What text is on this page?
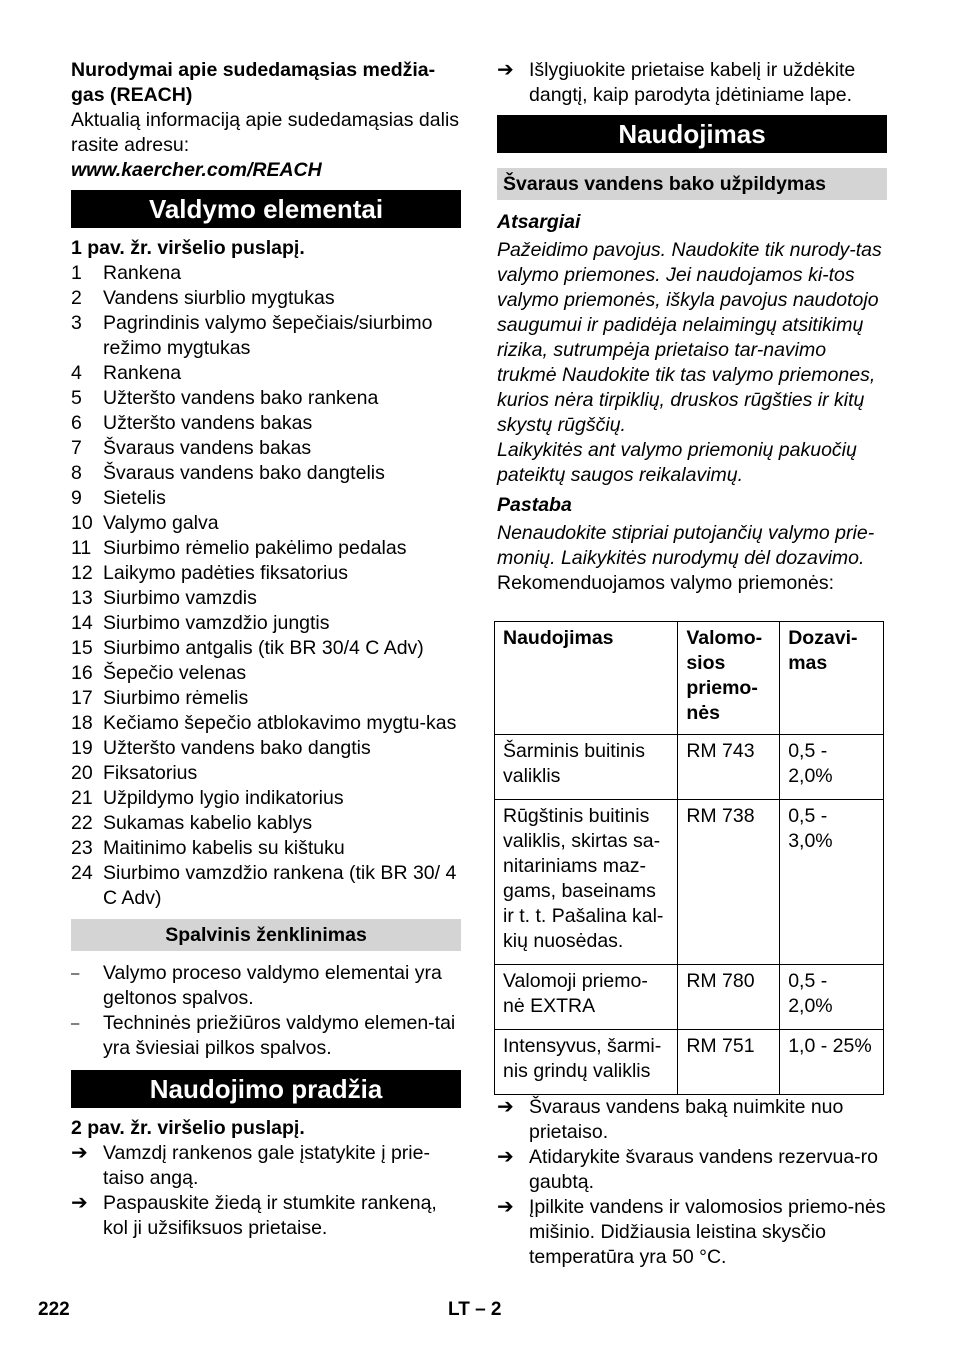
Nurodymai apie sudedamąsias medžia-gas (REACH)

Aktualią informaciją apie sudedamąsias dalis rasite adresu:

www.kaercher.com/REACH

Valdymo elementai

1 pav. žr. viršelio puslapį.

1	Rankena
2	Vandens siurblio mygtukas
3	Pagrindinis valymo šepečiais/siurbimo režimo mygtukas
4	Rankena
5	Užteršto vandens bako rankena
6	Užteršto vandens bakas
7	Švaraus vandens bakas
8	Švaraus vandens bako dangtelis
9	Sietelis
10 Valymo galva
11 Siurbimo rėmelio pakėlimo pedalas
12 Laikymo padėties fiksatorius
13 Siurbimo vamzdis
14 Siurbimo vamzdžio jungtis
15 Siurbimo antgalis (tik BR 30/4 C Adv)
16 Šepečio velenas
17 Siurbimo rėmelis
18 Kečiamo šepečio atblokavimo mygtu-kas
19 Užteršto vandens bako dangtis
20 Fiksatorius
21 Užpildymo lygio indikatorius
22 Sukamas kabelio kablys
23 Maitinimo kabelis su kištuku
24 Siurbimo vamzdžio rankena (tik BR 30/ 4 C Adv)
Spalvinis ženklinimas
–	Valymo proceso valdymo elementai yra geltonos spalvos.
–	Techninės priežiūros valdymo elemen-tai yra šviesiai pilkos spalvos.
Naudojimo pradžia

2 pav. žr. viršelio puslapį.

➔ Vamzdį rankenos gale įstatykite į prie-taiso angą.
➔ Paspauskite žiedą ir stumkite rankeną, kol ji užsifiksuos prietaise.
➔ Išlygiuokite prietaise kabelį ir uždėkite dangtį, kaip parodyta įdėtiniame lape.
Naudojimas
Švaraus vandens bako užpildymas

Atsargiai

Pažeidimo pavojus. Naudokite tik nurody-tas valymo priemones. Jei naudojamos ki-tos valymo priemonės, iškyla pavojus naudotojo saugumui ir padidėja nelaimingų atsitikimų rizika, sutrumpėja prietaiso tar-navimo trukmė Naudokite tik tas valymo priemones, kurios nėra tirpiklių, druskos rūgšties ir kitų skystų rūgščių.

Laikykitės ant valymo priemonių pakuočių pateiktų saugos reikalavimų.

Pastaba

Nenaudokite stipriai putojančių valymo prie-monių. Laikykitės nurodymų dėl dozavimo.

Rekomenduojamos valymo priemonės:

Naudojimas	Valomo-sios priemo-nės	Dozavi-mas
Šarminis buitinis valiklis	RM 743	0,5 - 2,0%
Rūgštinis buitinis valiklis, skirtas sa-nitariniams maz-gams, baseinams ir t. t. Pašalina kal-kių nuosėdas.	RM 738	0,5 - 3,0%
Valomoji priemo-nė EXTRA	RM 780	0,5 - 2,0%
Intensyvus, šarmi-nis grindų valiklis	RM 751	1,0 - 25%
➔ Švaraus vandens baką nuimkite nuo prietaiso.
➔ Atidarykite švaraus vandens rezervua-ro gaubtą.
➔ Įpilkite vandens ir valomosios priemo-nės mišinio. Didžiausia leistina skysčio temperatūra yra 50 °C.
222	LT – 2
